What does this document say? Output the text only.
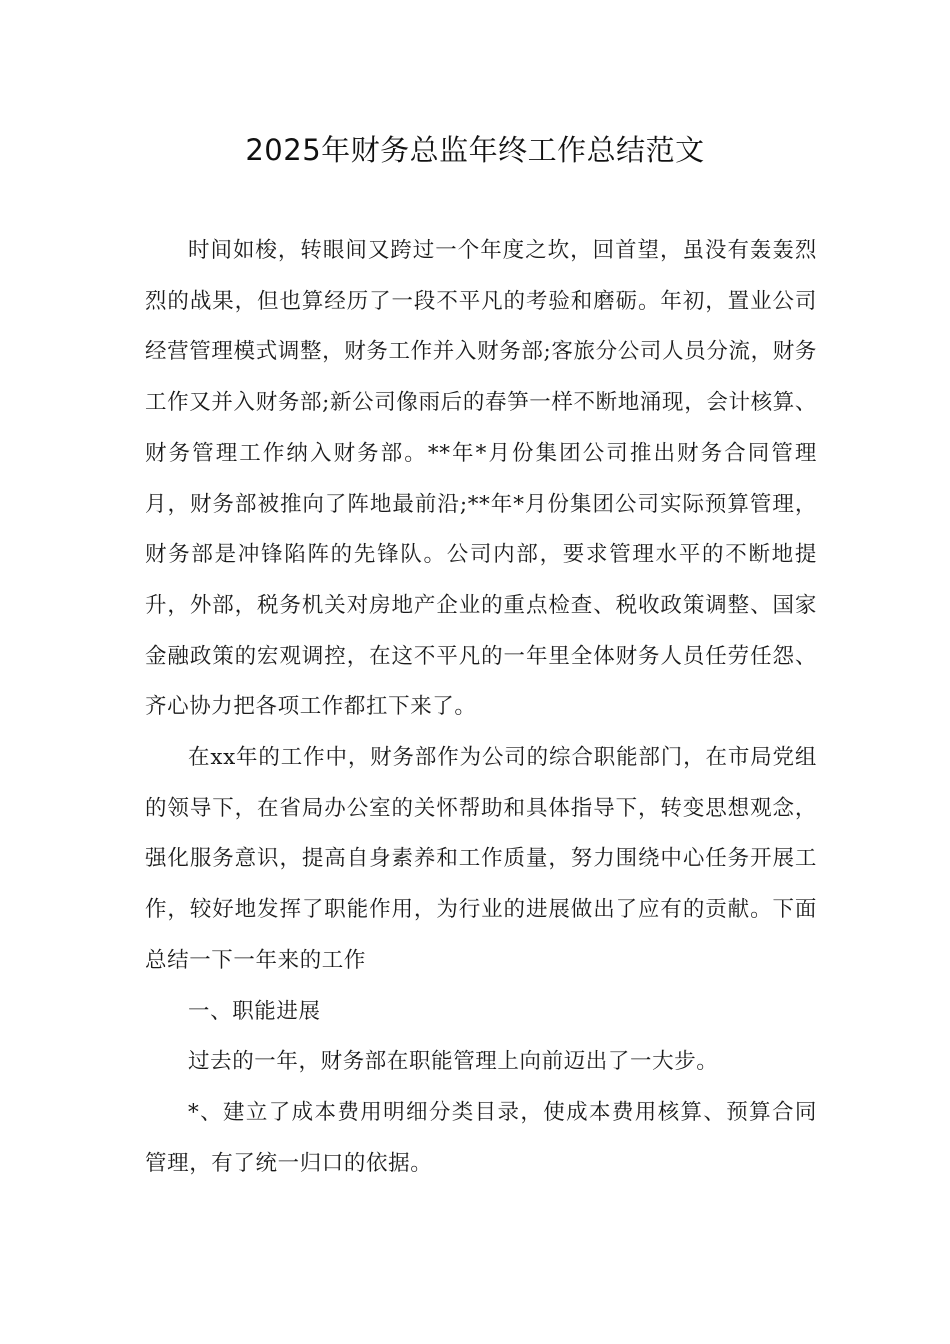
2025年财务总监年终工作总结范文

时间如梭，转眼间又跨过一个年度之坎，回首望，虽没有轰轰烈烈的战果，但也算经历了一段不平凡的考验和磨砺。年初，置业公司经营管理模式调整，财务工作并入财务部;客旅分公司人员分流，财务工作又并入财务部;新公司像雨后的春笋一样不断地涌现，会计核算、财务管理工作纳入财务部。**年*月份集团公司推出财务合同管理月，财务部被推向了阵地最前沿;**年*月份集团公司实际预算管理，财务部是冲锋陷阵的先锋队。公司内部，要求管理水平的不断地提升，外部，税务机关对房地产企业的重点检查、税收政策调整、国家金融政策的宏观调控，在这不平凡的一年里全体财务人员任劳任怨、齐心协力把各项工作都扛下来了。

在xx年的工作中，财务部作为公司的综合职能部门，在市局党组的领导下，在省局办公室的关怀帮助和具体指导下，转变思想观念，强化服务意识，提高自身素养和工作质量，努力围绕中心任务开展工作，较好地发挥了职能作用，为行业的进展做出了应有的贡献。下面总结一下一年来的工作

一、职能进展

过去的一年，财务部在职能管理上向前迈出了一大步。

*、建立了成本费用明细分类目录，使成本费用核算、预算合同管理，有了统一归口的依据。
